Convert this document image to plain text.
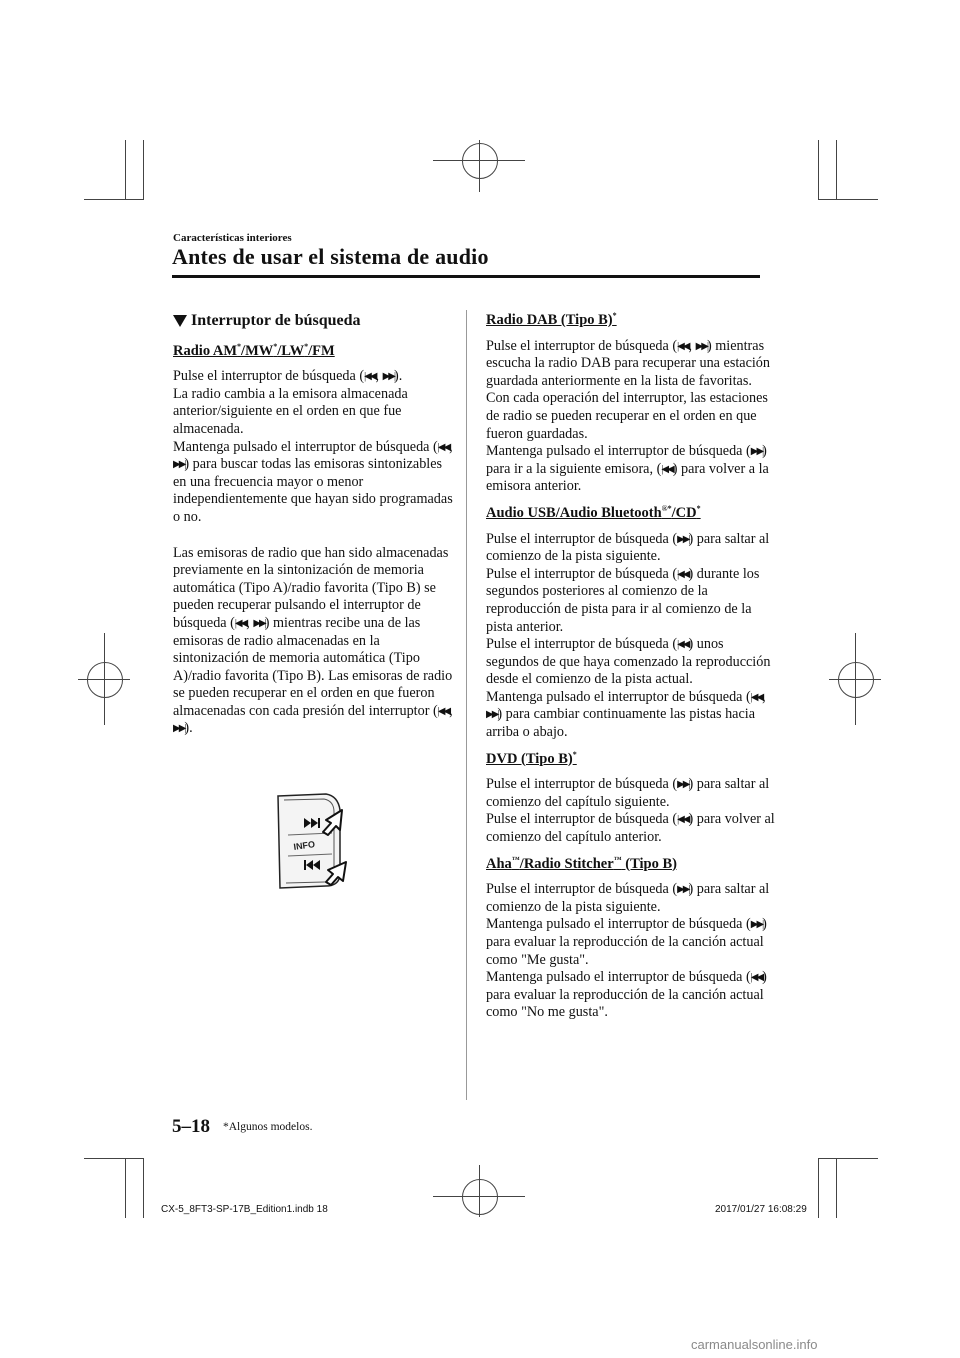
Características interiores
Antes de usar el sistema de audio
Interruptor de búsqueda
Radio AM*/MW*/LW*/FM

Pulse el interruptor de búsqueda (|◀◀, ▶▶|).

La radio cambia a la emisora almacenada anterior/siguiente en el orden en que fue almacenada.

Mantenga pulsado el interruptor de búsqueda (|◀◀, ▶▶|) para buscar todas las emisoras sintonizables en una frecuencia mayor o menor independientemente que hayan sido programadas o no.

Las emisoras de radio que han sido almacenadas previamente en la sintonización de memoria automática (Tipo A)/radio favorita (Tipo B) se pueden recuperar pulsando el interruptor de búsqueda (|◀◀, ▶▶|) mientras recibe una de las emisoras de radio almacenadas en la sintonización de memoria automática (Tipo A)/radio favorita (Tipo B). Las emisoras de radio se pueden recuperar en el orden en que fueron almacenadas con cada presión del interruptor (|◀◀, ▶▶|).

INFO
Radio DAB (Tipo B)*

Pulse el interruptor de búsqueda (|◀◀, ▶▶|) mientras escucha la radio DAB para recuperar una estación guardada anteriormente en la lista de favoritas. Con cada operación del interruptor, las estaciones de radio se pueden recuperar en el orden en que fueron guardadas.

Mantenga pulsado el interruptor de búsqueda (▶▶|) para ir a la siguiente emisora, (|◀◀) para volver a la emisora anterior.

Audio USB/Audio Bluetooth®*/CD*

Pulse el interruptor de búsqueda (▶▶|) para saltar al comienzo de la pista siguiente.

Pulse el interruptor de búsqueda (|◀◀) durante los segundos posteriores al comienzo de la reproducción de pista para ir al comienzo de la pista anterior.

Pulse el interruptor de búsqueda (|◀◀) unos segundos de que haya comenzado la reproducción desde el comienzo de la pista actual.

Mantenga pulsado el interruptor de búsqueda (|◀◀, ▶▶|) para cambiar continuamente las pistas hacia arriba o abajo.

DVD (Tipo B)*

Pulse el interruptor de búsqueda (▶▶|) para saltar al comienzo del capítulo siguiente.

Pulse el interruptor de búsqueda (|◀◀) para volver al comienzo del capítulo anterior.

Aha™/Radio Stitcher™ (Tipo B)

Pulse el interruptor de búsqueda (▶▶|) para saltar al comienzo de la pista siguiente.

Mantenga pulsado el interruptor de búsqueda (▶▶|) para evaluar la reproducción de la canción actual como "Me gusta".

Mantenga pulsado el interruptor de búsqueda (|◀◀) para evaluar la reproducción de la canción actual como "No me gusta".

5–18 *Algunos modelos.
CX-5_8FT3-SP-17B_Edition1.indb 18	2017/01/27 16:08:29
carmanualsonline.info
